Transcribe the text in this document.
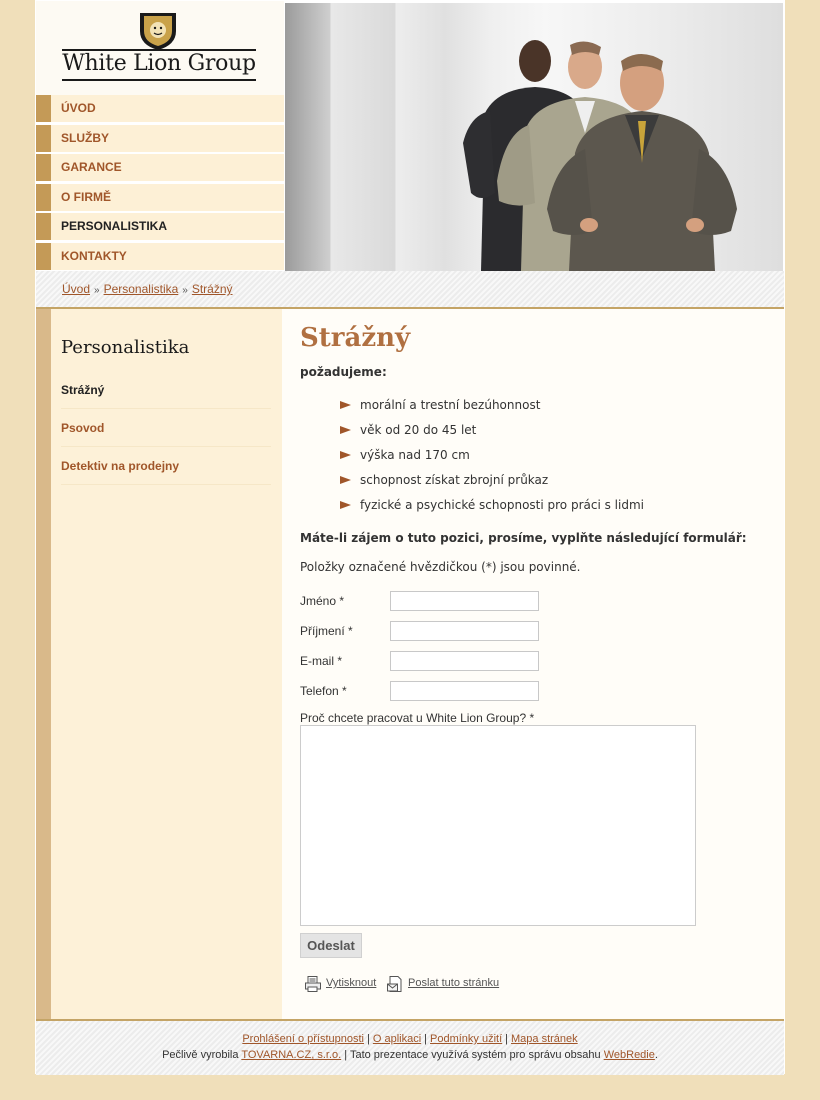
White Lion Group
ÚVOD
SLUŽBY
GARANCE
O FIRMĚ
PERSONALISTIKA
KONTAKTY
Úvod » Personalistika » Strážný
Personalistika
Strážný
Psovod
Detektiv na prodejny
Strážný
požadujeme:
morální a trestní bezúhonnost
věk od 20 do 45 let
výška nad 170 cm
schopnost získat zbrojní průkaz
fyzické a psychické schopnosti pro práci s lidmi
Máte-li zájem o tuto pozici, prosíme, vyplňte následující formulář:
Položky označené hvězdičkou (*) jsou povinné.
Jméno *
Příjmení *
E-mail *
Telefon *
Proč chcete pracovat u White Lion Group? *
Odeslat
Vytisknout	Poslat tuto stránku
Prohlášení o přístupnosti | O aplikaci | Podmínky užití | Mapa stránek
Pečlivě vyrobila TOVARNA.CZ, s.r.o. | Tato prezentace využívá systém pro správu obsahu WebRedie.
